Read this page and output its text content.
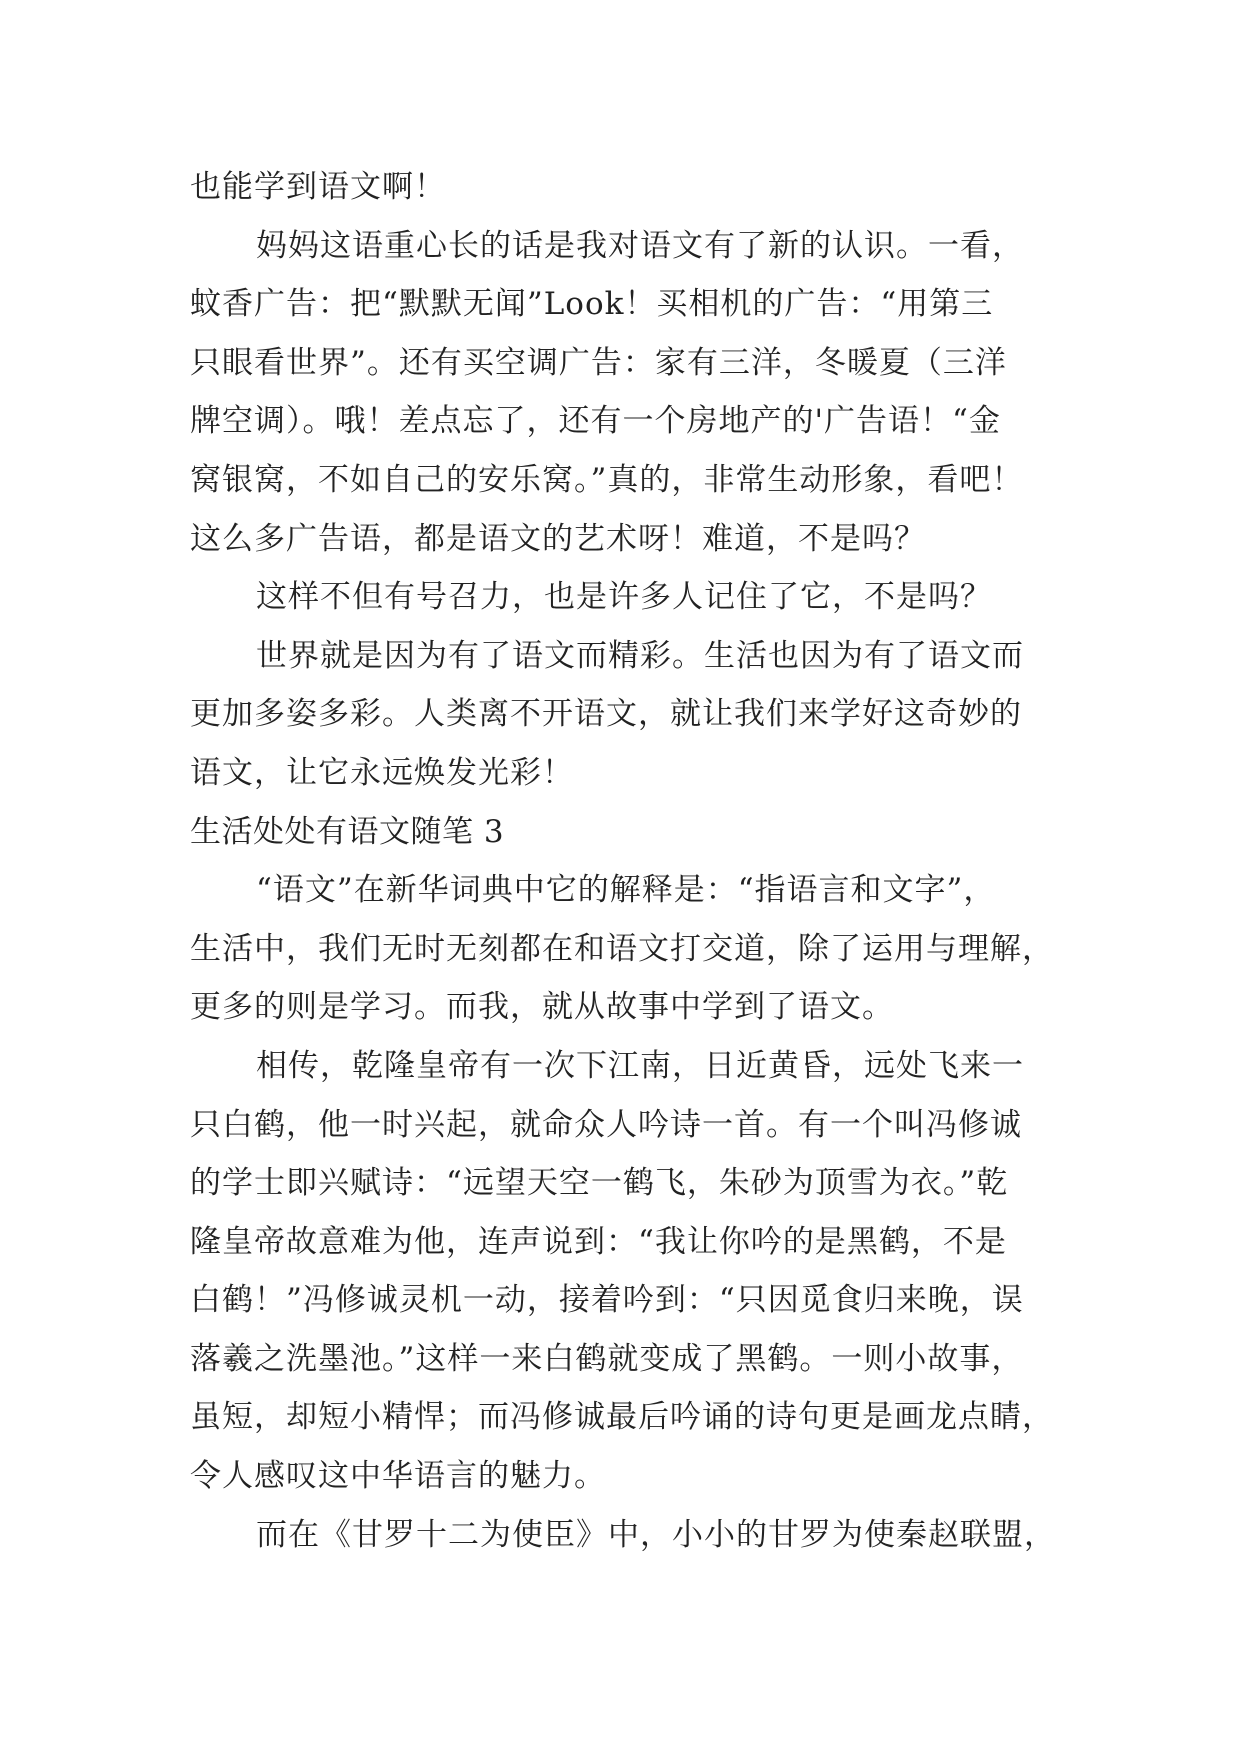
也能学到语文啊！
妈妈这语重心长的话是我对语文有了新的认识。一看，
蚊香广告：把“默默无闻”Look！买相机的广告：“用第三
只眼看世界”。还有买空调广告：家有三洋，冬暖夏（三洋
牌空调）。哦！差点忘了，还有一个房地产的'广告语！“金
窝银窝，不如自己的安乐窝。”真的，非常生动形象，看吧！
这么多广告语，都是语文的艺术呀！难道，不是吗？
这样不但有号召力，也是许多人记住了它，不是吗？
世界就是因为有了语文而精彩。生活也因为有了语文而
更加多姿多彩。人类离不开语文，就让我们来学好这奇妙的
语文，让它永远焕发光彩！
生活处处有语文随笔 3
“语文”在新华词典中它的解释是：“指语言和文字”，
生活中，我们无时无刻都在和语文打交道，除了运用与理解，
更多的则是学习。而我，就从故事中学到了语文。
相传，乾隆皇帝有一次下江南，日近黄昏，远处飞来一
只白鹤，他一时兴起，就命众人吟诗一首。有一个叫冯修诚
的学士即兴赋诗：“远望天空一鹤飞，朱砂为顶雪为衣。”乾
隆皇帝故意难为他，连声说到：“我让你吟的是黑鹤，不是
白鹤！”冯修诚灵机一动，接着吟到：“只因觅食归来晚，误
落羲之洗墨池。”这样一来白鹤就变成了黑鹤。一则小故事，
虽短，却短小精悍；而冯修诚最后吟诵的诗句更是画龙点睛，
令人感叹这中华语言的魅力。
而在《甘罗十二为使臣》中，小小的甘罗为使秦赵联盟，
